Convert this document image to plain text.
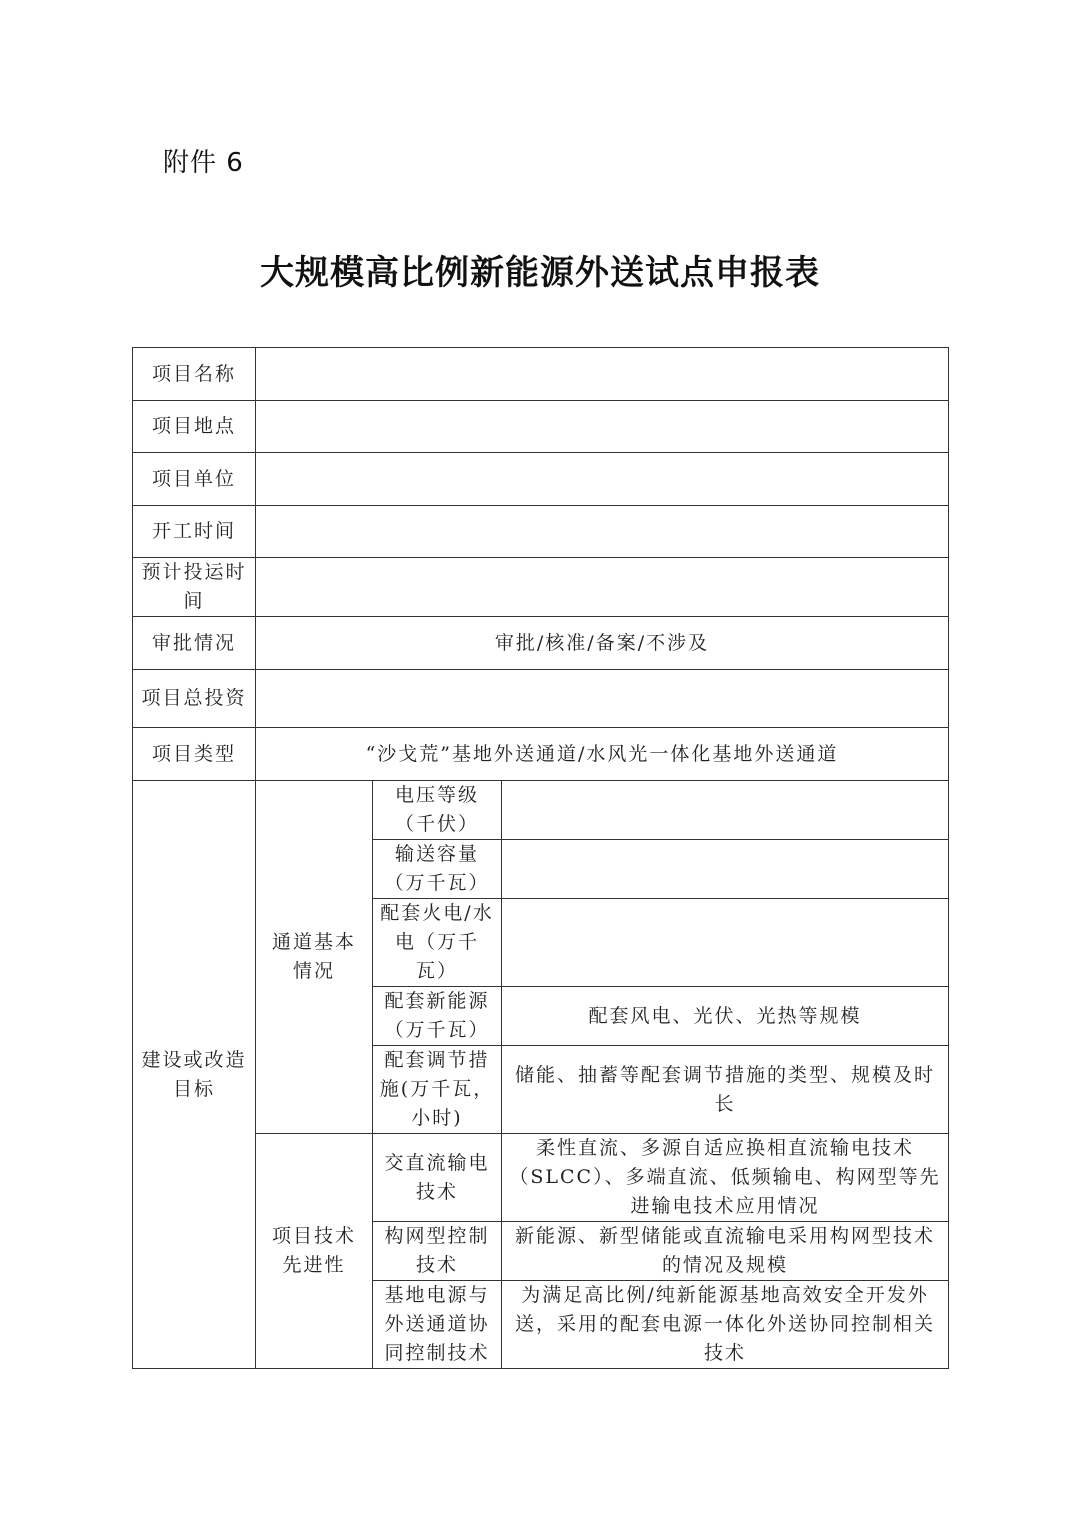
附件 6
大规模高比例新能源外送试点申报表
项目名称			
项目地点			
项目单位			
开工时间			
预计投运时间			
审批情况	审批/核准/备案/不涉及		
项目总投资			
项目类型	“沙戈荒”基地外送通道/水风光一体化基地外送通道		
建设或改造目标	通道基本情况	电压等级（千伏）	
		输送容量（万千瓦）	
		配套火电/水电（万千瓦）	
		配套新能源（万千瓦）	配套风电、光伏、光热等规模
		配套调节措施(万千瓦，小时)	储能、抽蓄等配套调节措施的类型、规模及时长
	项目技术先进性	交直流输电技术	柔性直流、多源自适应换相直流输电技术（SLCC）、多端直流、低频输电、构网型等先进输电技术应用情况
		构网型控制技术	新能源、新型储能或直流输电采用构网型技术的情况及规模
		基地电源与外送通道协同控制技术	为满足高比例/纯新能源基地高效安全开发外送，采用的配套电源一体化外送协同控制相关技术
